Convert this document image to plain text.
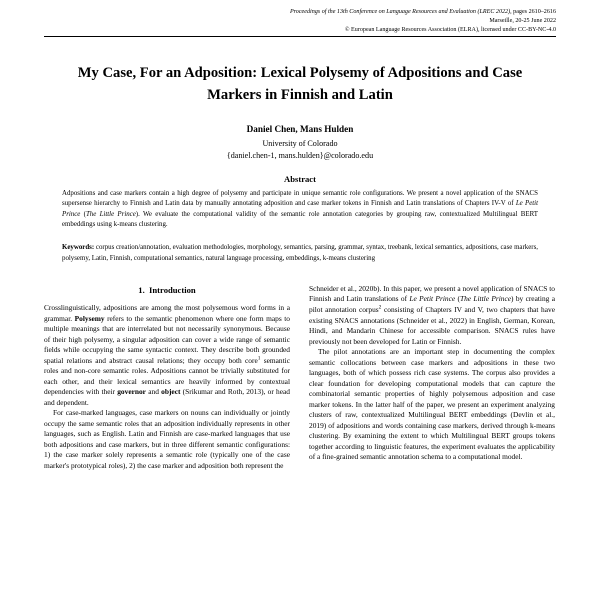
Proceedings of the 13th Conference on Language Resources and Evaluation (LREC 2022), pages 2610–2616
Marseille, 20-25 June 2022
© European Language Resources Association (ELRA), licensed under CC-BY-NC-4.0
My Case, For an Adposition: Lexical Polysemy of Adpositions and Case Markers in Finnish and Latin
Daniel Chen, Mans Hulden
University of Colorado
{daniel.chen-1, mans.hulden}@colorado.edu
Abstract
Adpositions and case markers contain a high degree of polysemy and participate in unique semantic role configurations. We present a novel application of the SNACS supersense hierarchy to Finnish and Latin data by manually annotating adposition and case marker tokens in Finnish and Latin translations of Chapters IV-V of Le Petit Prince (The Little Prince). We evaluate the computational validity of the semantic role annotation categories by grouping raw, contextualized Multilingual BERT embeddings using k-means clustering.
Keywords: corpus creation/annotation, evaluation methodologies, morphology, semantics, parsing, grammar, syntax, treebank, lexical semantics, adpositions, case markers, polysemy, Latin, Finnish, computational semantics, natural language processing, embeddings, k-means clustering
1. Introduction

Crosslinguistically, adpositions are among the most polysemous word forms in a grammar. Polysemy refers to the semantic phenomenon where one form maps to multiple meanings that are interrelated but not necessarily synonymous. Because of their high polysemy, a singular adposition can cover a wide range of semantic fields while occupying the same syntactic context. They describe both grounded spatial relations and abstract causal relations; they occupy both core$^1$ semantic roles and non-core semantic roles. Adpositions cannot be trivially substituted for each other, and their lexical semantics are heavily informed by contextual dependencies with their governor and object (Srikumar and Roth, 2013), or head and dependent.

For case-marked languages, case markers on nouns can individually or jointly occupy the same semantic roles that an adposition individually represents in other languages, such as English. Latin and Finnish are case-marked languages that use both adpositions and case markers, but in three different semantic configurations: 1) the case marker solely represents a semantic role (typically one of the case marker's prototypical roles), 2) the case marker and adposition both represent the

Schneider et al., 2020b). In this paper, we present a novel application of SNACS to Finnish and Latin translations of Le Petit Prince (The Little Prince) by creating a pilot annotation corpus$^2$ consisting of Chapters IV and V, two chapters that have existing SNACS annotations (Schneider et al., 2022) in English, German, Korean, Hindi, and Mandarin Chinese for accessible comparison. SNACS rules have previously not been developed for Latin or Finnish.

The pilot annotations are an important step in documenting the complex semantic collocations between case markers and adpositions in these two languages, both of which possess rich case systems. The corpus also provides a clear foundation for developing computational models that can capture the combinatorial semantic properties of highly polysemous adposition and case marker tokens. In the latter half of the paper, we present an experiment analyzing clusters of raw, contextualized Multilingual BERT embeddings (Devlin et al., 2019) of adpositions and words containing case markers, derived through k-means clustering. By examining the extent to which Multilingual BERT groups tokens together according to linguistic features, the experiment evaluates the applicability of a fine-grained semantic annotation schema to a computational model.
